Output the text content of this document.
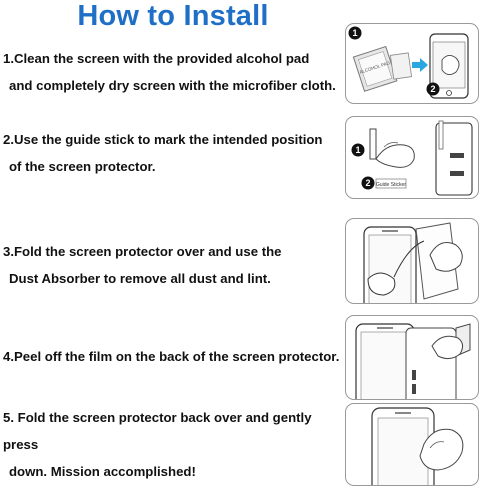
How to Install
1.Clean the screen with the provided alcohol pad
and completely dry screen with the microfiber cloth.
1
ALCOHOL PAD
2
2.Use the guide stick to mark the intended position
of the screen protector.
1
2 Guide Sticker
3.Fold the screen protector over and use the
Dust Absorber to remove all dust and lint.
4.Peel off the film on the back of the screen protector.
5. Fold the screen protector back over and gently press
down. Mission accomplished!
